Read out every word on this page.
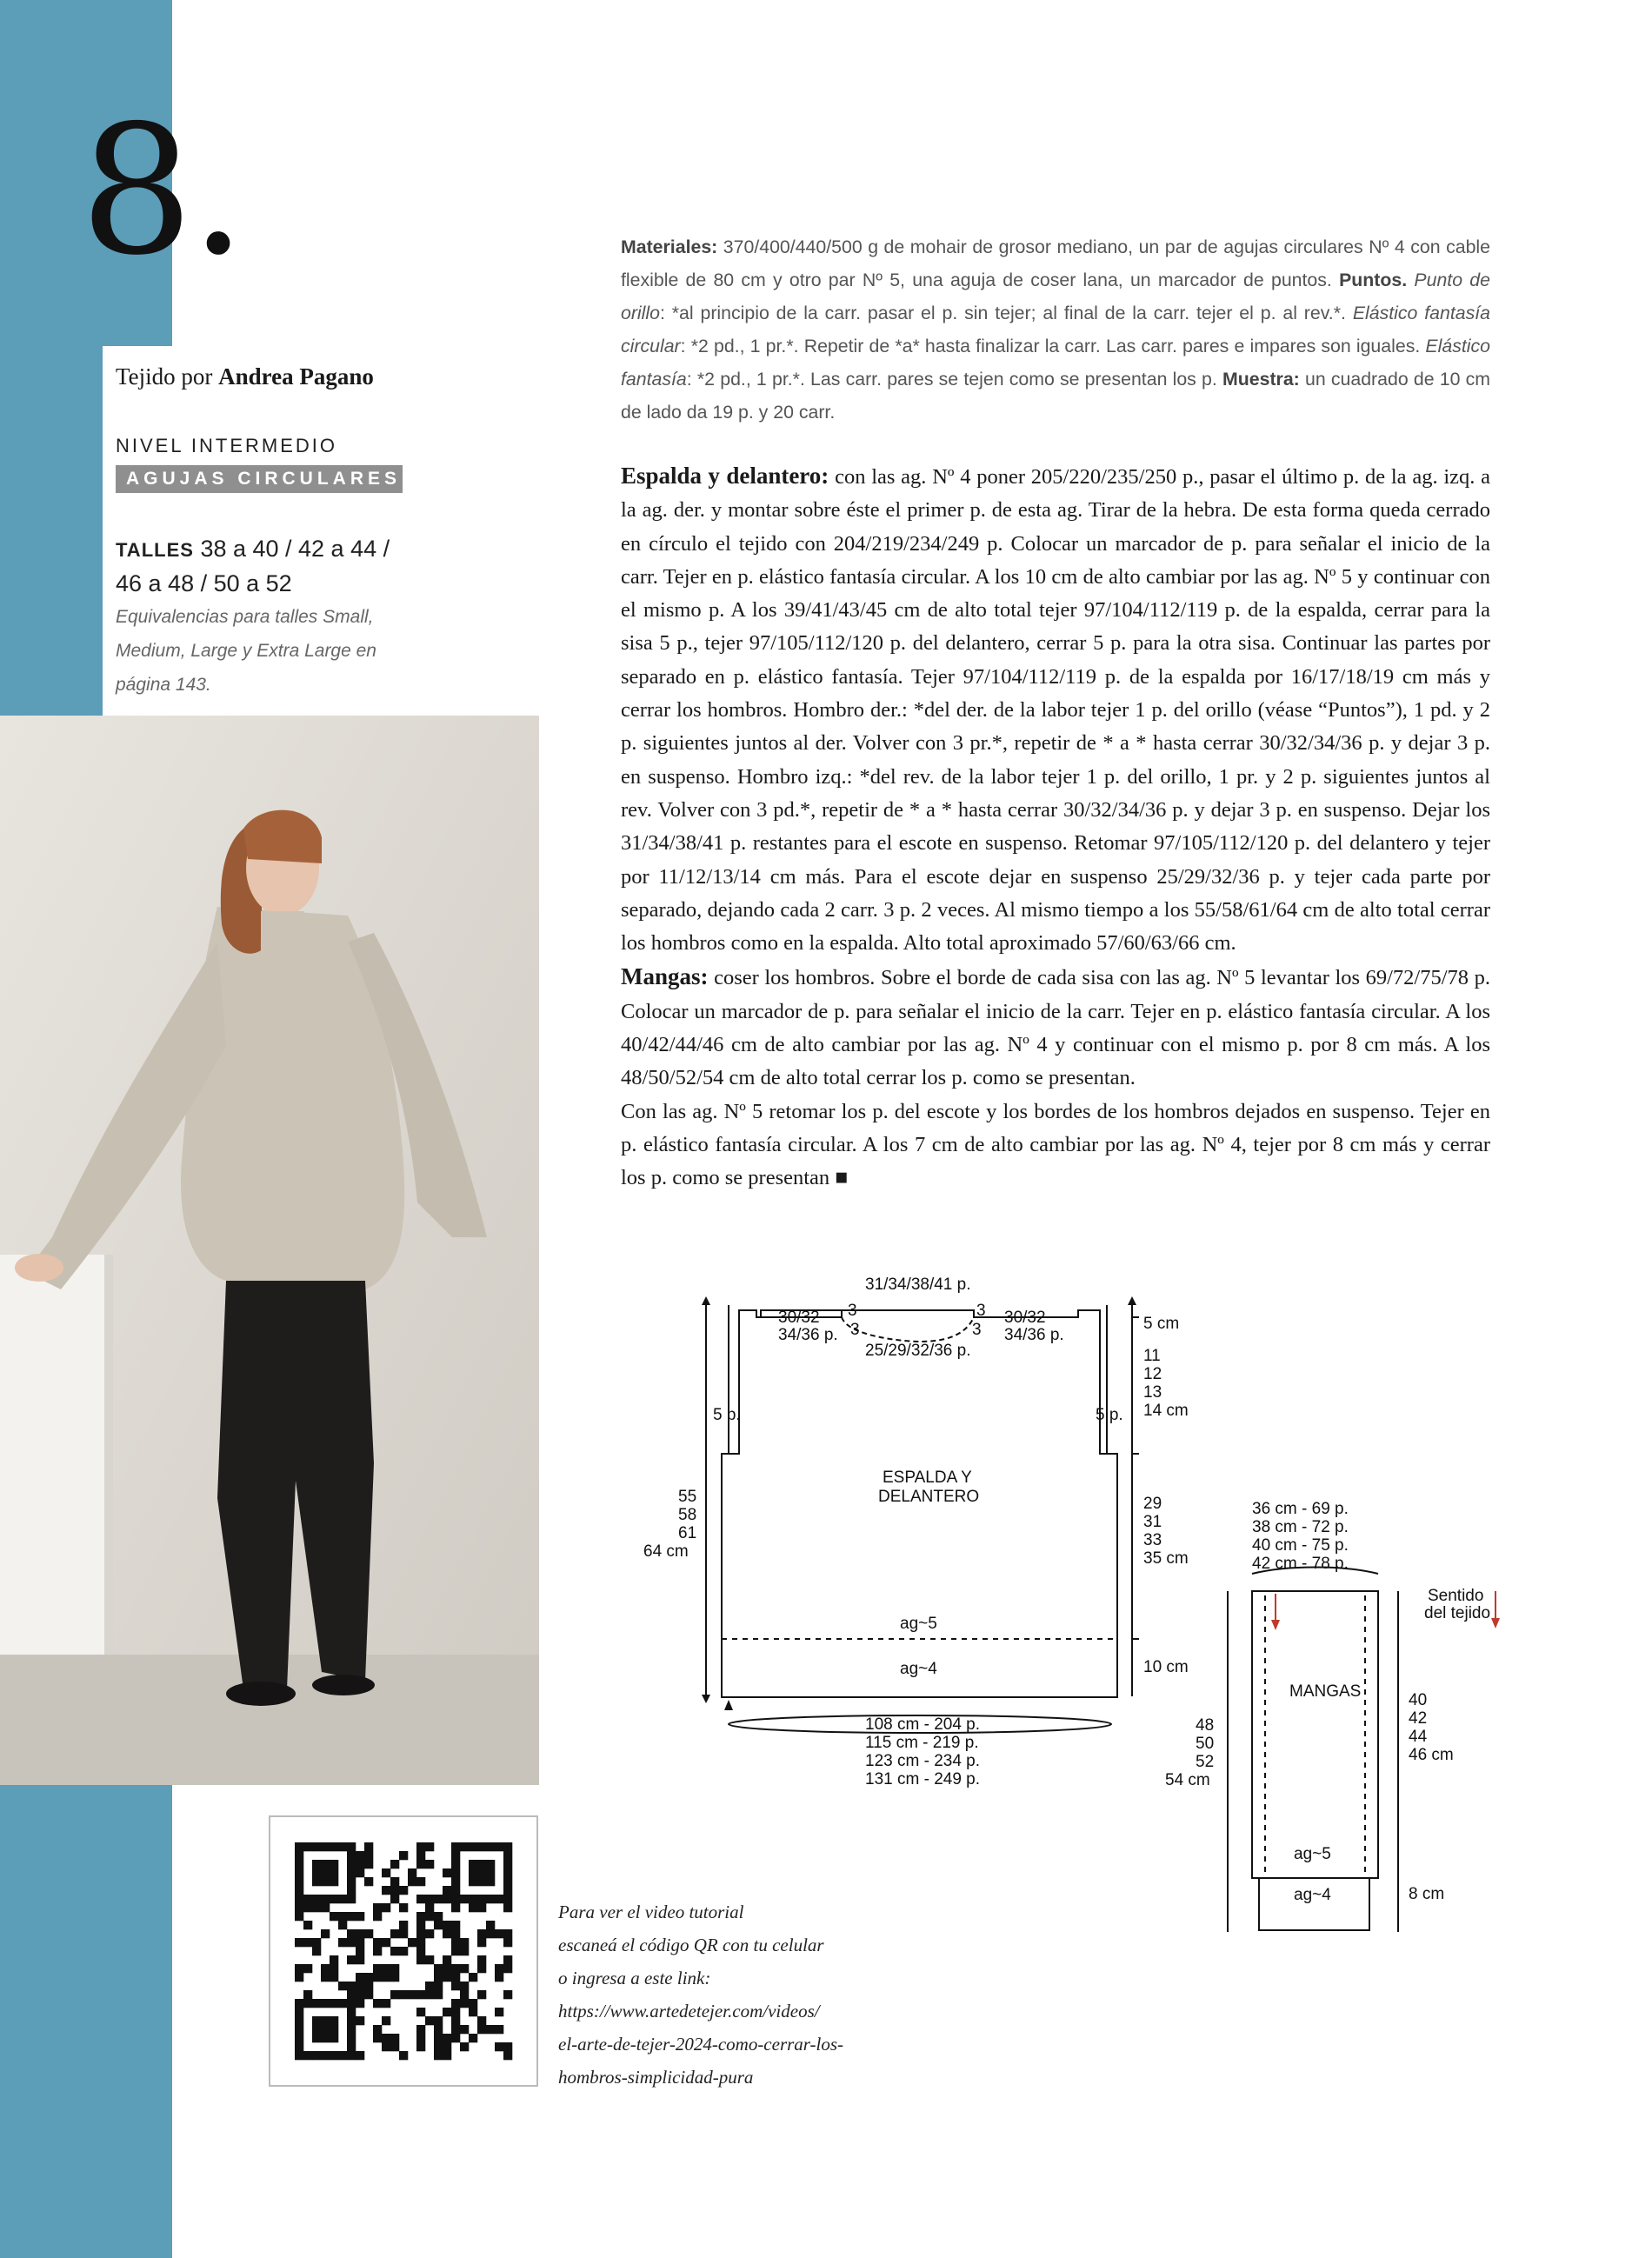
8.
Tejido por Andrea Pagano
NIVEL INTERMEDIO
AGUJAS CIRCULARES
TALLES 38 a 40 / 42 a 44 /
46 a 48 / 50 a 52
Equivalencias para talles Small, Medium, Large y Extra Large en página 143.
Para ver el video tutorial
escaneá el código QR con tu celular
o ingresa a este link:
https://www.artedetejer.com/videos/
el-arte-de-tejer-2024-como-cerrar-los-
hombros-simplicidad-pura
Materiales: 370/400/440/500 g de mohair de grosor mediano, un par de agujas circulares Nº 4 con cable flexible de 80 cm y otro par Nº 5, una aguja de coser lana, un marcador de puntos. Puntos. Punto de orillo: *al principio de la carr. pasar el p. sin tejer; al final de la carr. tejer el p. al rev.*. Elástico fantasía circular: *2 pd., 1 pr.*. Repetir de *a* hasta finalizar la carr. Las carr. pares e impares son iguales. Elástico fantasía: *2 pd., 1 pr.*. Las carr. pares se tejen como se presentan los p. Muestra: un cuadrado de 10 cm de lado da 19 p. y 20 carr.

Espalda y delantero: con las ag. Nº 4 poner 205/220/235/250 p., pasar el último p. de la ag. izq. a la ag. der. y montar sobre éste el primer p. de esta ag. Tirar de la hebra. De esta forma queda cerrado en círculo el tejido con 204/219/234/249 p. Colocar un marcador de p. para señalar el inicio de la carr. Tejer en p. elástico fantasía circular. A los 10 cm de alto cambiar por las ag. Nº 5 y continuar con el mismo p. A los 39/41/43/45 cm de alto total tejer 97/104/112/119 p. de la espalda, cerrar para la sisa 5 p., tejer 97/105/112/120 p. del delantero, cerrar 5 p. para la otra sisa. Continuar las partes por separado en p. elástico fantasía. Tejer 97/104/112/119 p. de la espalda por 16/17/18/19 cm más y cerrar los hombros. Hombro der.: *del der. de la labor tejer 1 p. del orillo (véase “Puntos”), 1 pd. y 2 p. siguientes juntos al der. Volver con 3 pr.*, repetir de * a * hasta cerrar 30/32/34/36 p. y dejar 3 p. en suspenso. Hombro izq.: *del rev. de la labor tejer 1 p. del orillo, 1 pr. y 2 p. siguientes juntos al rev. Volver con 3 pd.*, repetir de * a * hasta cerrar 30/32/34/36 p. y dejar 3 p. en suspenso. Dejar los 31/34/38/41 p. restantes para el escote en suspenso. Retomar 97/105/112/120 p. del delantero y tejer por 11/12/13/14 cm más. Para el escote dejar en suspenso 25/29/32/36 p. y tejer cada parte por separado, dejando cada 2 carr. 3 p. 2 veces. Al mismo tiempo a los 55/58/61/64 cm de alto total cerrar los hombros como en la espalda. Alto total aproximado 57/60/63/66 cm.

Mangas: coser los hombros. Sobre el borde de cada sisa con las ag. Nº 5 levantar los 69/72/75/78 p. Colocar un marcador de p. para señalar el inicio de la carr. Tejer en p. elástico fantasía circular. A los 40/42/44/46 cm de alto cambiar por las ag. Nº 4 y continuar con el mismo p. por 8 cm más. A los 48/50/52/54 cm de alto total cerrar los p. como se presentan.

Con las ag. Nº 5 retomar los p. del escote y los bordes de los hombros dejados en suspenso. Tejer en p. elástico fantasía circular. A los 7 cm de alto cambiar por las ag. Nº 4, tejer por 8 cm más y cerrar los p. como se presentan ■

31/34/38/41 p.
30/32
34/36 p.
30/32
34/36 p.
3
3
3
3
25/29/32/36 p.
5 p.	5 p.
5 cm
11
12
13
14 cm
ESPALDA Y
DELANTERO
55
58
61
64 cm
29
31
33
35 cm
ag~5
ag~4	10 cm
108 cm - 204 p.
115 cm - 219 p.
123 cm - 234 p.
131 cm - 249 p.
36 cm - 69 p.
38 cm - 72 p.
40 cm - 75 p.
42 cm - 78 p.
Sentido
del tejido
MANGAS
48
50
52
54 cm
40
42
44
46 cm
ag~5
ag~4	8 cm
